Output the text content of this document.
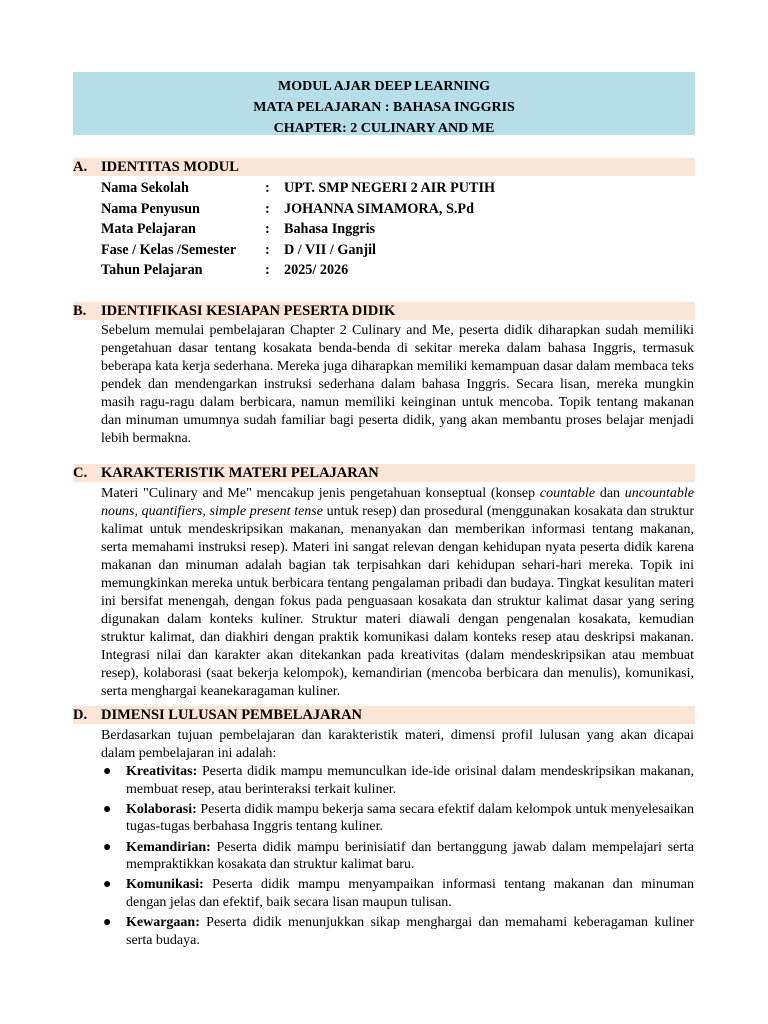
MODUL AJAR DEEP LEARNING
MATA PELAJARAN : BAHASA INGGRIS
CHAPTER: 2 CULINARY AND ME
A. IDENTITAS MODUL
Nama Sekolah	: UPT. SMP NEGERI 2 AIR PUTIH
Nama Penyusun	: JOHANNA SIMAMORA, S.Pd
Mata Pelajaran	: Bahasa Inggris
Fase / Kelas /Semester : D / VII / Ganjil
Tahun Pelajaran	: 2025/ 2026
B.	IDENTIFIKASI KESIAPAN PESERTA DIDIK
Sebelum memulai pembelajaran Chapter 2 Culinary and Me, peserta didik diharapkan sudah memiliki pengetahuan dasar tentang kosakata benda-benda di sekitar mereka dalam bahasa Inggris, termasuk beberapa kata kerja sederhana. Mereka juga diharapkan memiliki kemampuan dasar dalam membaca teks pendek dan mendengarkan instruksi sederhana dalam bahasa Inggris. Secara lisan, mereka mungkin masih ragu-ragu dalam berbicara, namun memiliki keinginan untuk mencoba. Topik tentang makanan dan minuman umumnya sudah familiar bagi peserta didik, yang akan membantu proses belajar menjadi lebih bermakna.
C. KARAKTERISTIK MATERI PELAJARAN
Materi "Culinary and Me" mencakup jenis pengetahuan konseptual (konsep countable dan uncountable nouns, quantifiers, simple present tense untuk resep) dan prosedural (menggunakan kosakata dan struktur kalimat untuk mendeskripsikan makanan, menanyakan dan memberikan informasi tentang makanan, serta memahami instruksi resep). Materi ini sangat relevan dengan kehidupan nyata peserta didik karena makanan dan minuman adalah bagian tak terpisahkan dari kehidupan sehari-hari mereka. Topik ini memungkinkan mereka untuk berbicara tentang pengalaman pribadi dan budaya. Tingkat kesulitan materi ini bersifat menengah, dengan fokus pada penguasaan kosakata dan struktur kalimat dasar yang sering digunakan dalam konteks kuliner. Struktur materi diawali dengan pengenalan kosakata, kemudian struktur kalimat, dan diakhiri dengan praktik komunikasi dalam konteks resep atau deskripsi makanan. Integrasi nilai dan karakter akan ditekankan pada kreativitas (dalam mendeskripsikan atau membuat resep), kolaborasi (saat bekerja kelompok), kemandirian (mencoba berbicara dan menulis), komunikasi, serta menghargai keanekaragaman kuliner.
D. DIMENSI LULUSAN PEMBELAJARAN
Berdasarkan tujuan pembelajaran dan karakteristik materi, dimensi profil lulusan yang akan dicapai dalam pembelajaran ini adalah:
● Kreativitas: Peserta didik mampu memunculkan ide-ide orisinal dalam mendeskripsikan makanan, membuat resep, atau berinteraksi terkait kuliner.
● Kolaborasi: Peserta didik mampu bekerja sama secara efektif dalam kelompok untuk menyelesaikan tugas-tugas berbahasa Inggris tentang kuliner.
● Kemandirian: Peserta didik mampu berinisiatif dan bertanggung jawab dalam mempelajari serta mempraktikkan kosakata dan struktur kalimat baru.
● Komunikasi: Peserta didik mampu menyampaikan informasi tentang makanan dan minuman dengan jelas dan efektif, baik secara lisan maupun tulisan.
● Kewargaan: Peserta didik menunjukkan sikap menghargai dan memahami keberagaman kuliner serta budaya.
